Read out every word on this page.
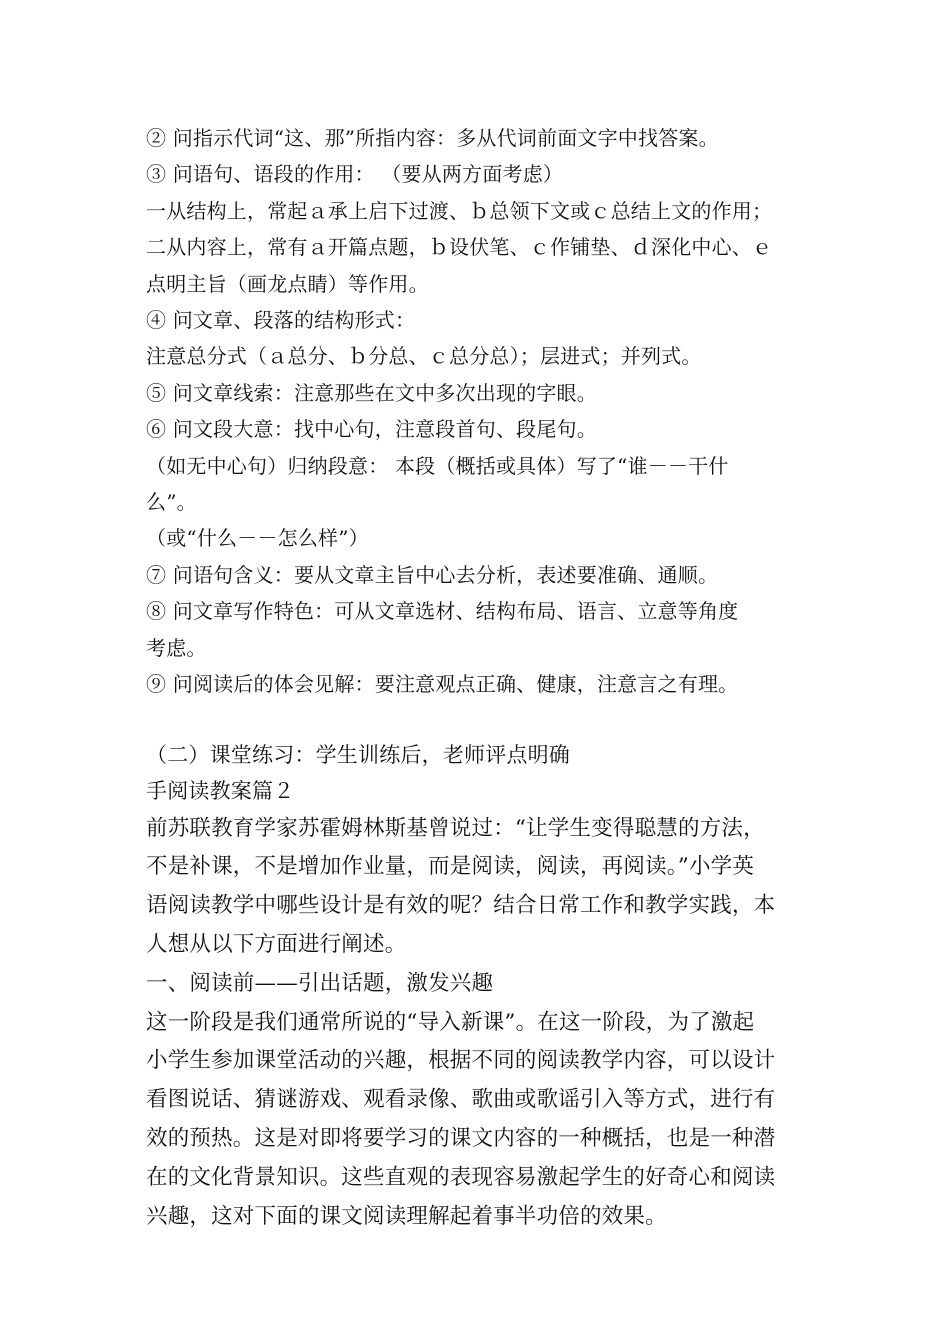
② 问指示代词“这、那”所指内容：多从代词前面文字中找答案。
③ 问语句、语段的作用： （要从两方面考虑）
一从结构上，常起ａ承上启下过渡、ｂ总领下文或ｃ总结上文的作用；
二从内容上，常有ａ开篇点题，ｂ设伏笔、ｃ作铺垫、ｄ深化中心、ｅ
点明主旨（画龙点睛）等作用。
④ 问文章、段落的结构形式：
注意总分式（ａ总分、ｂ分总、ｃ总分总）；层进式；并列式。
⑤ 问文章线索：注意那些在文中多次出现的字眼。
⑥ 问文段大意：找中心句，注意段首句、段尾句。
（如无中心句）归纳段意： 本段（概括或具体）写了“谁－－干什
么”。
（或“什么－－怎么样”）
⑦ 问语句含义：要从文章主旨中心去分析，表述要准确、通顺。
⑧ 问文章写作特色：可从文章选材、结构布局、语言、立意等角度
考虑。
⑨ 问阅读后的体会见解：要注意观点正确、健康，注意言之有理。
（二）课堂练习：学生训练后，老师评点明确
手阅读教案篇２
前苏联教育学家苏霍姆林斯基曾说过：“让学生变得聪慧的方法，
不是补课，不是增加作业量，而是阅读，阅读，再阅读。”小学英
语阅读教学中哪些设计是有效的呢？结合日常工作和教学实践，本
人想从以下方面进行阐述。
一、阅读前——引出话题，激发兴趣
这一阶段是我们通常所说的“导入新课”。在这一阶段，为了激起
小学生参加课堂活动的兴趣，根据不同的阅读教学内容，可以设计
看图说话、猜谜游戏、观看录像、歌曲或歌谣引入等方式，进行有
效的预热。这是对即将要学习的课文内容的一种概括，也是一种潜
在的文化背景知识。这些直观的表现容易激起学生的好奇心和阅读
兴趣，这对下面的课文阅读理解起着事半功倍的效果。
